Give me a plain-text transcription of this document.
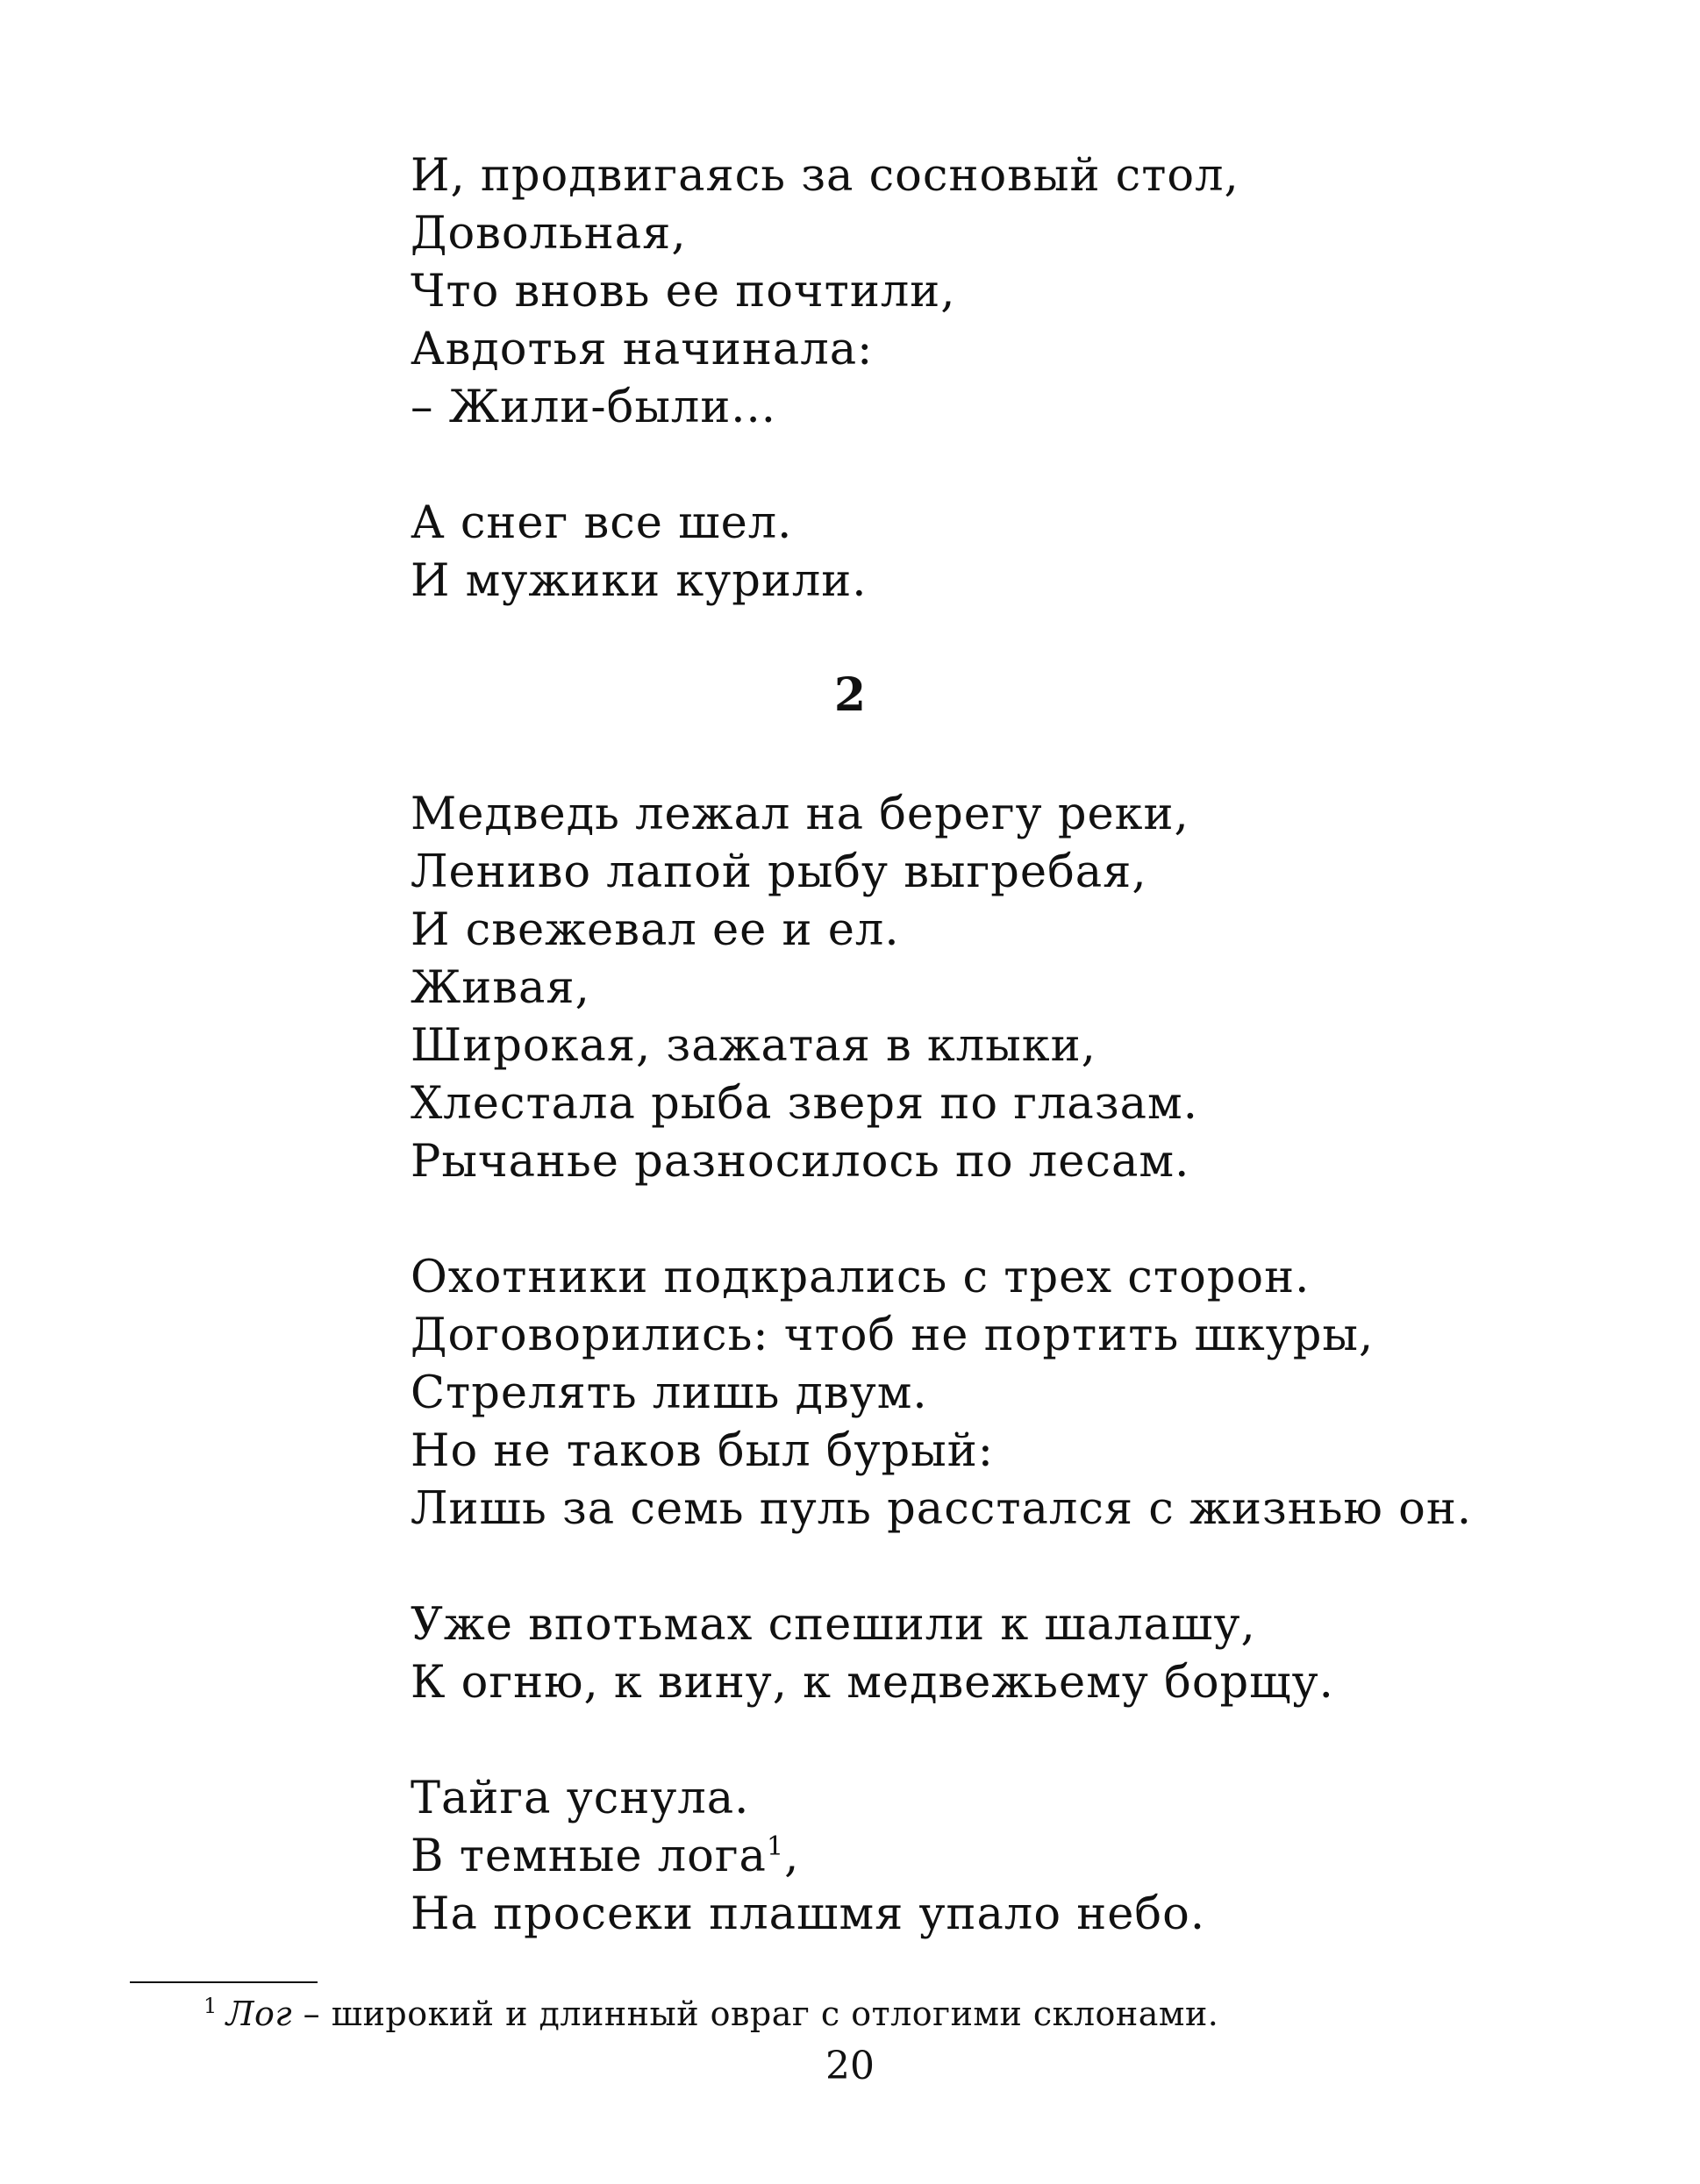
И, продвигаясь за сосновый стол,
Довольная,
Что вновь ее почтили,
Авдотья начинала:
– Жили-были...

А снег все шел.
И мужики курили.

2

Медведь лежал на берегу реки,
Лениво лапой рыбу выгребая,
И свежевал ее и ел.
Живая,
Широкая, зажатая в клыки,
Хлестала рыба зверя по глазам.
Рычанье разносилось по лесам.

Охотники подкрались с трех сторон.
Договорились: чтоб не портить шкуры,
Стрелять лишь двум.
Но не таков был бурый:
Лишь за семь пуль расстался с жизнью он.

Уже впотьмах спешили к шалашу,
К огню, к вину, к медвежьему борщу.

Тайга уснула.
В темные лога$^1$,
На просеки плашмя упало небо.

$^1$ Лог – широкий и длинный овраг с отлогими склонами.
20
